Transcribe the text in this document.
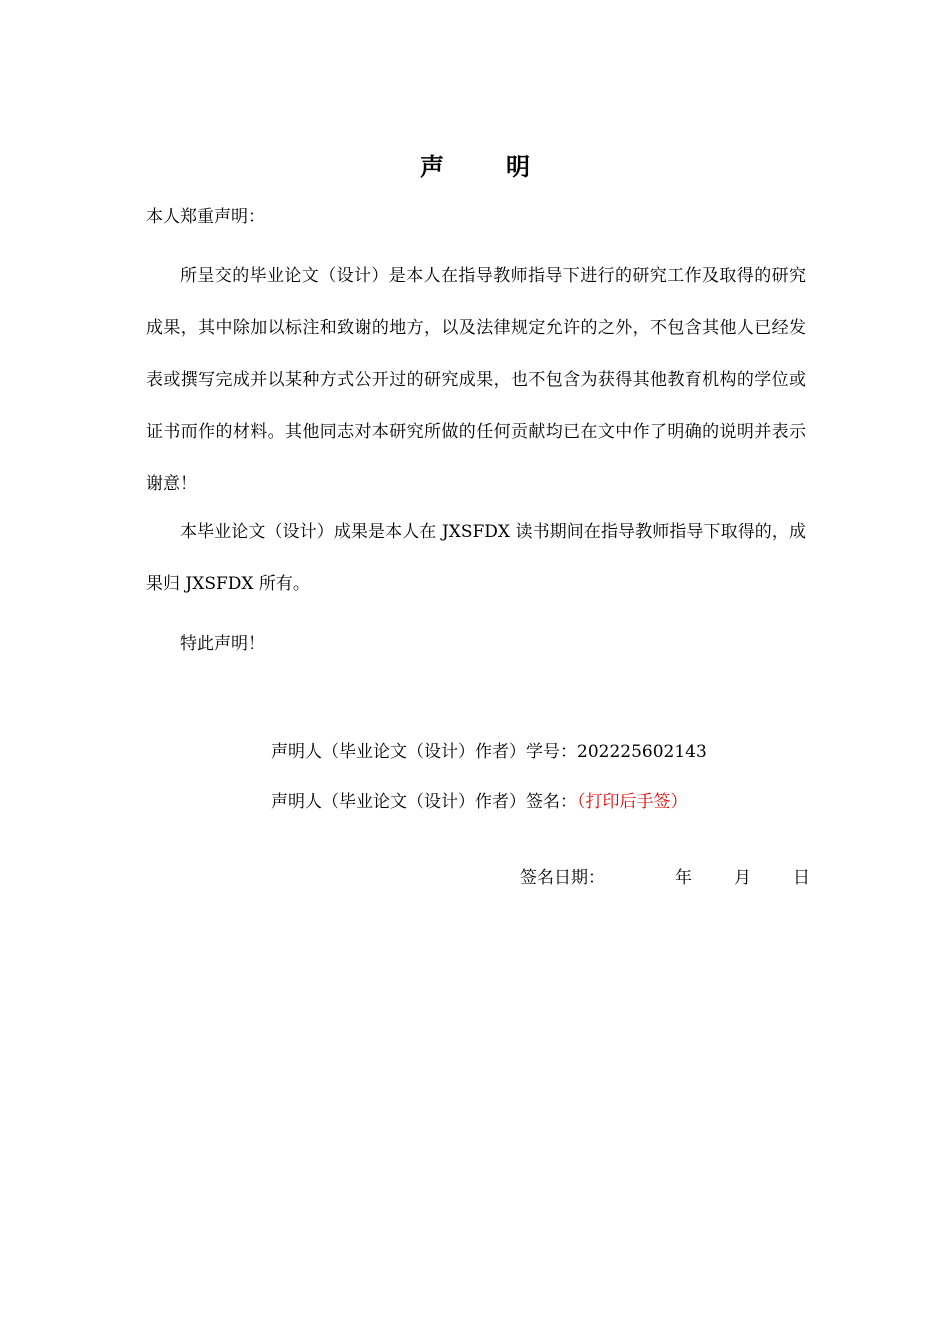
声	明

本人郑重声明：

所呈交的毕业论文（设计）是本人在指导教师指导下进行的研究工作及取得的研究成果，其中除加以标注和致谢的地方，以及法律规定允许的之外，不包含其他人已经发表或撰写完成并以某种方式公开过的研究成果，也不包含为获得其他教育机构的学位或证书而作的材料。其他同志对本研究所做的任何贡献均已在文中作了明确的说明并表示谢意！

本毕业论文（设计）成果是本人在 JXSFDX 读书期间在指导教师指导下取得的，成果归 JXSFDX 所有。

特此声明！

声明人（毕业论文（设计）作者）学号：202225602143

声明人（毕业论文（设计）作者）签名：（打印后手签）

签名日期：	年 月 日
